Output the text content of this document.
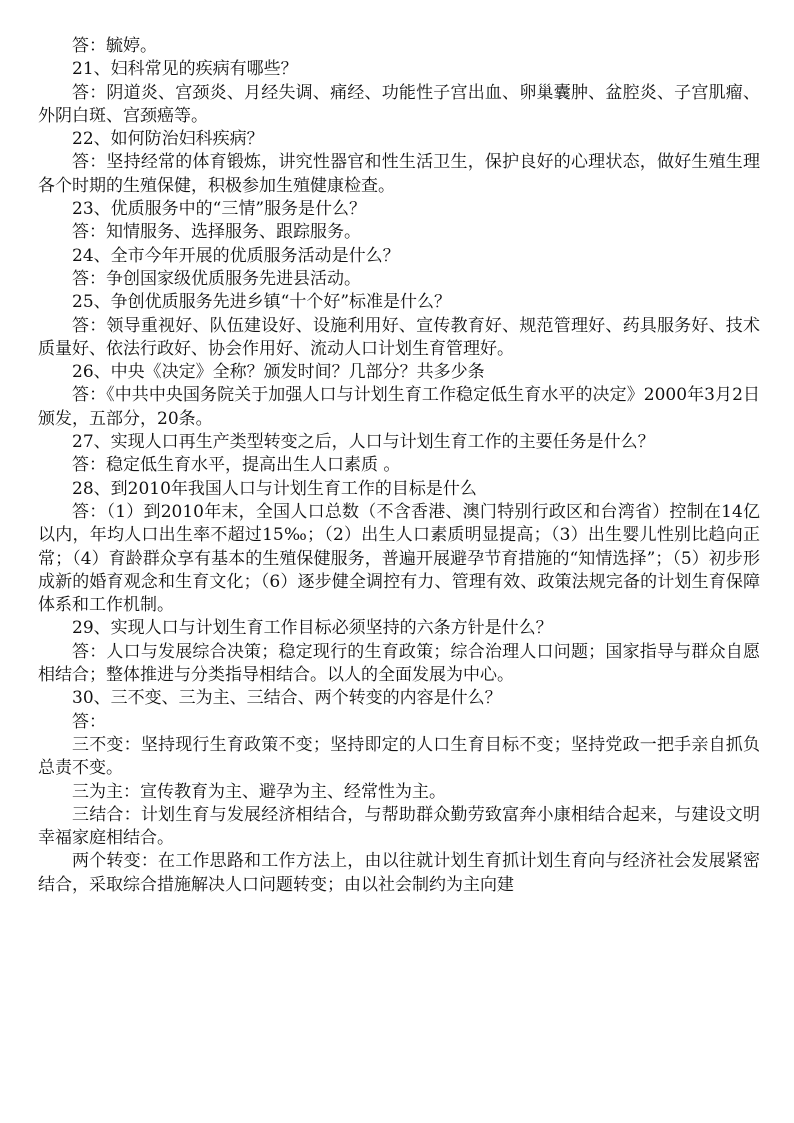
答：毓婷。

21、妇科常见的疾病有哪些？

答：阴道炎、宫颈炎、月经失调、痛经、功能性子宫出血、卵巢囊肿、盆腔炎、子宫肌瘤、外阴白斑、宫颈癌等。

22、如何防治妇科疾病？

答：坚持经常的体育锻炼，讲究性器官和性生活卫生，保护良好的心理状态，做好生殖生理各个时期的生殖保健，积极参加生殖健康检查。

23、优质服务中的“三情”服务是什么？

答：知情服务、选择服务、跟踪服务。

24、全市今年开展的优质服务活动是什么？

答：争创国家级优质服务先进县活动。

25、争创优质服务先进乡镇“十个好”标准是什么？

答：领导重视好、队伍建设好、设施利用好、宣传教育好、规范管理好、药具服务好、技术质量好、依法行政好、协会作用好、流动人口计划生育管理好。

26、中央《决定》全称？颁发时间？几部分？共多少条

答：《中共中央国务院关于加强人口与计划生育工作稳定低生育水平的决定》2000年3月2日颁发，五部分，20条。

27、实现人口再生产类型转变之后，人口与计划生育工作的主要任务是什么？

答：稳定低生育水平，提高出生人口素质 。

28、到2010年我国人口与计划生育工作的目标是什么

答：（1）到2010年末，全国人口总数（不含香港、澳门特别行政区和台湾省）控制在14亿以内，年均人口出生率不超过15‰；（2）出生人口素质明显提高；（3）出生婴儿性别比趋向正常；（4）育龄群众享有基本的生殖保健服务，普遍开展避孕节育措施的“知情选择”；（5）初步形成新的婚育观念和生育文化；（6）逐步健全调控有力、管理有效、政策法规完备的计划生育保障体系和工作机制。

29、实现人口与计划生育工作目标必须坚持的六条方针是什么？

答：人口与发展综合决策；稳定现行的生育政策；综合治理人口问题；国家指导与群众自愿相结合；整体推进与分类指导相结合。以人的全面发展为中心。

30、三不变、三为主、三结合、两个转变的内容是什么？

答：

三不变：坚持现行生育政策不变；坚持即定的人口生育目标不变；坚持党政一把手亲自抓负总责不变。

三为主：宣传教育为主、避孕为主、经常性为主。

三结合：计划生育与发展经济相结合，与帮助群众勤劳致富奔小康相结合起来，与建设文明幸福家庭相结合。

两个转变：在工作思路和工作方法上，由以往就计划生育抓计划生育向与经济社会发展紧密结合，采取综合措施解决人口问题转变；由以社会制约为主向建
